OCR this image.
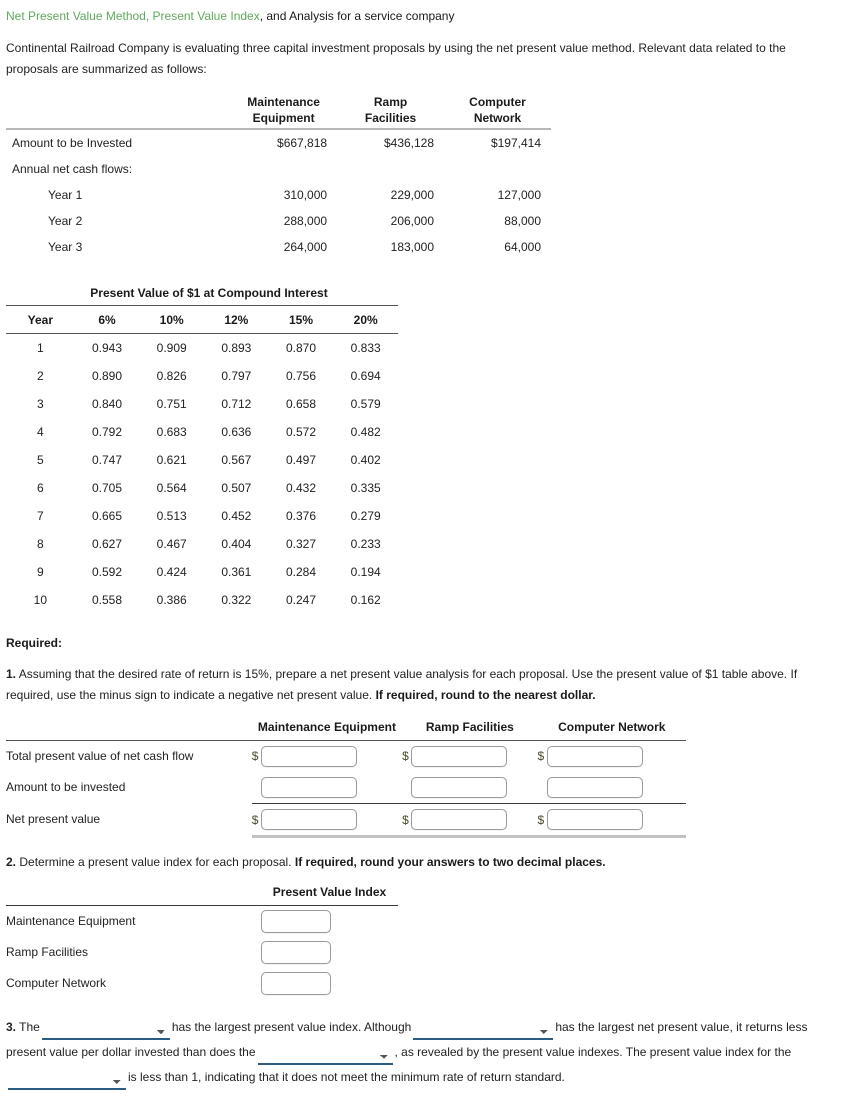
Net Present Value Method, Present Value Index, and Analysis for a service company
Continental Railroad Company is evaluating three capital investment proposals by using the net present value method. Relevant data related to the proposals are summarized as follows:
	Maintenance	Ramp	Computer
	Equipment	Facilities	Network

Amount to be Invested	$667,818	$436,128	$197,414
Annual net cash flows:			
Year 1	310,000	229,000	127,000
Year 2	288,000	206,000	88,000
Year 3	264,000	183,000	64,000
Present Value of $1 at Compound Interest
Year	6%	10%	12%	15%	20%
1	0.943	0.909	0.893	0.870	0.833
2	0.890	0.826	0.797	0.756	0.694
3	0.840	0.751	0.712	0.658	0.579
4	0.792	0.683	0.636	0.572	0.482
5	0.747	0.621	0.567	0.497	0.402
6	0.705	0.564	0.507	0.432	0.335
7	0.665	0.513	0.452	0.376	0.279
8	0.627	0.467	0.404	0.327	0.233
9	0.592	0.424	0.361	0.284	0.194
10	0.558	0.386	0.322	0.247	0.162
Required:
1. Assuming that the desired rate of return is 15%, prepare a net present value analysis for each proposal. Use the present value of $1 table above. If required, use the minus sign to indicate a negative net present value. If required, round to the nearest dollar.
	Maintenance Equipment	Ramp Facilities	Computer Network

Total present value of net cash flow	$	$	$

Amount to be invested	

Net present value	$	$	$

2. Determine a present value index for each proposal. If required, round your answers to two decimal places.
	Present Value Index

Maintenance Equipment	
Ramp Facilities	
Computer Network	
3. The	has the largest present value index. Although	has the largest net present value, it returns less present value per dollar invested than does the	, as revealed by the present value indexes. The present value index for the
is less than 1, indicating that it does not meet the minimum rate of return standard.
